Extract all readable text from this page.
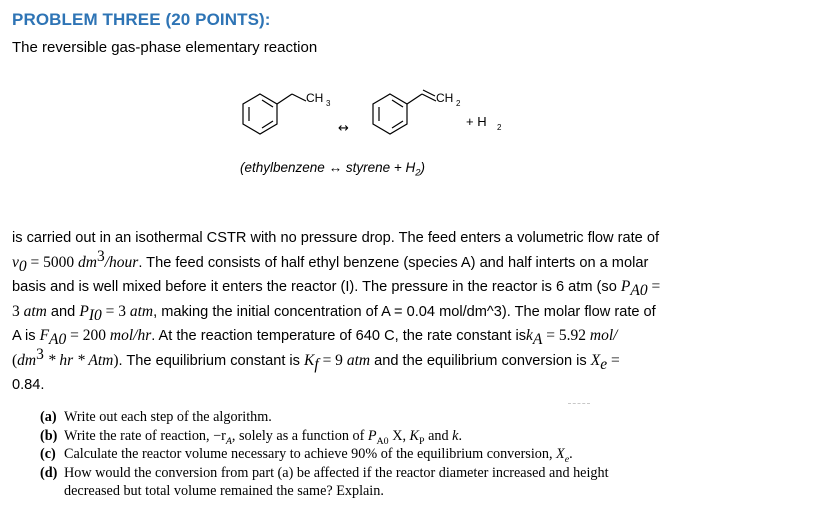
PROBLEM THREE (20 POINTS):
The reversible gas-phase elementary reaction
CH 3
↔
CH 2
+ H 2
(ethylbenzene ↔ styrene + $H_2$)
is carried out in an isothermal CSTR with no pressure drop. The feed enters a volumetric flow rate of
$v_0 = 5000$ $dm^3$/hour. The feed consists of half ethyl benzene (species A) and half interts on a molar
basis and is well mixed before it enters the reactor (I). The pressure in the reactor is 6 atm (so $P_{A0}$ =
3 atm and $P_{I0} = 3$ atm, making the initial concentration of A = 0.04 mol/dm^3). The molar flow rate of
A is $F_{A0} = 200$ mol/hr. At the reaction temperature of 640 C, the rate constant isk$_A$ = 5.92 mol/
($dm^3$ * hr * Atm). The equilibrium constant is $K_f = 9$ atm and the equilibrium conversion is $X_e$ =
0.84.
(a) Write out each step of the algorithm.
(b) Write the rate of reaction, $-r_A$, solely as a function of $P_{A0}$ X, $K_P$ and k.
(c) Calculate the reactor volume necessary to achieve 90% of the equilibrium conversion, $X_e$.
(d) How would the conversion from part (a) be affected if the reactor diameter increased and height
decreased but total volume remained the same? Explain.
